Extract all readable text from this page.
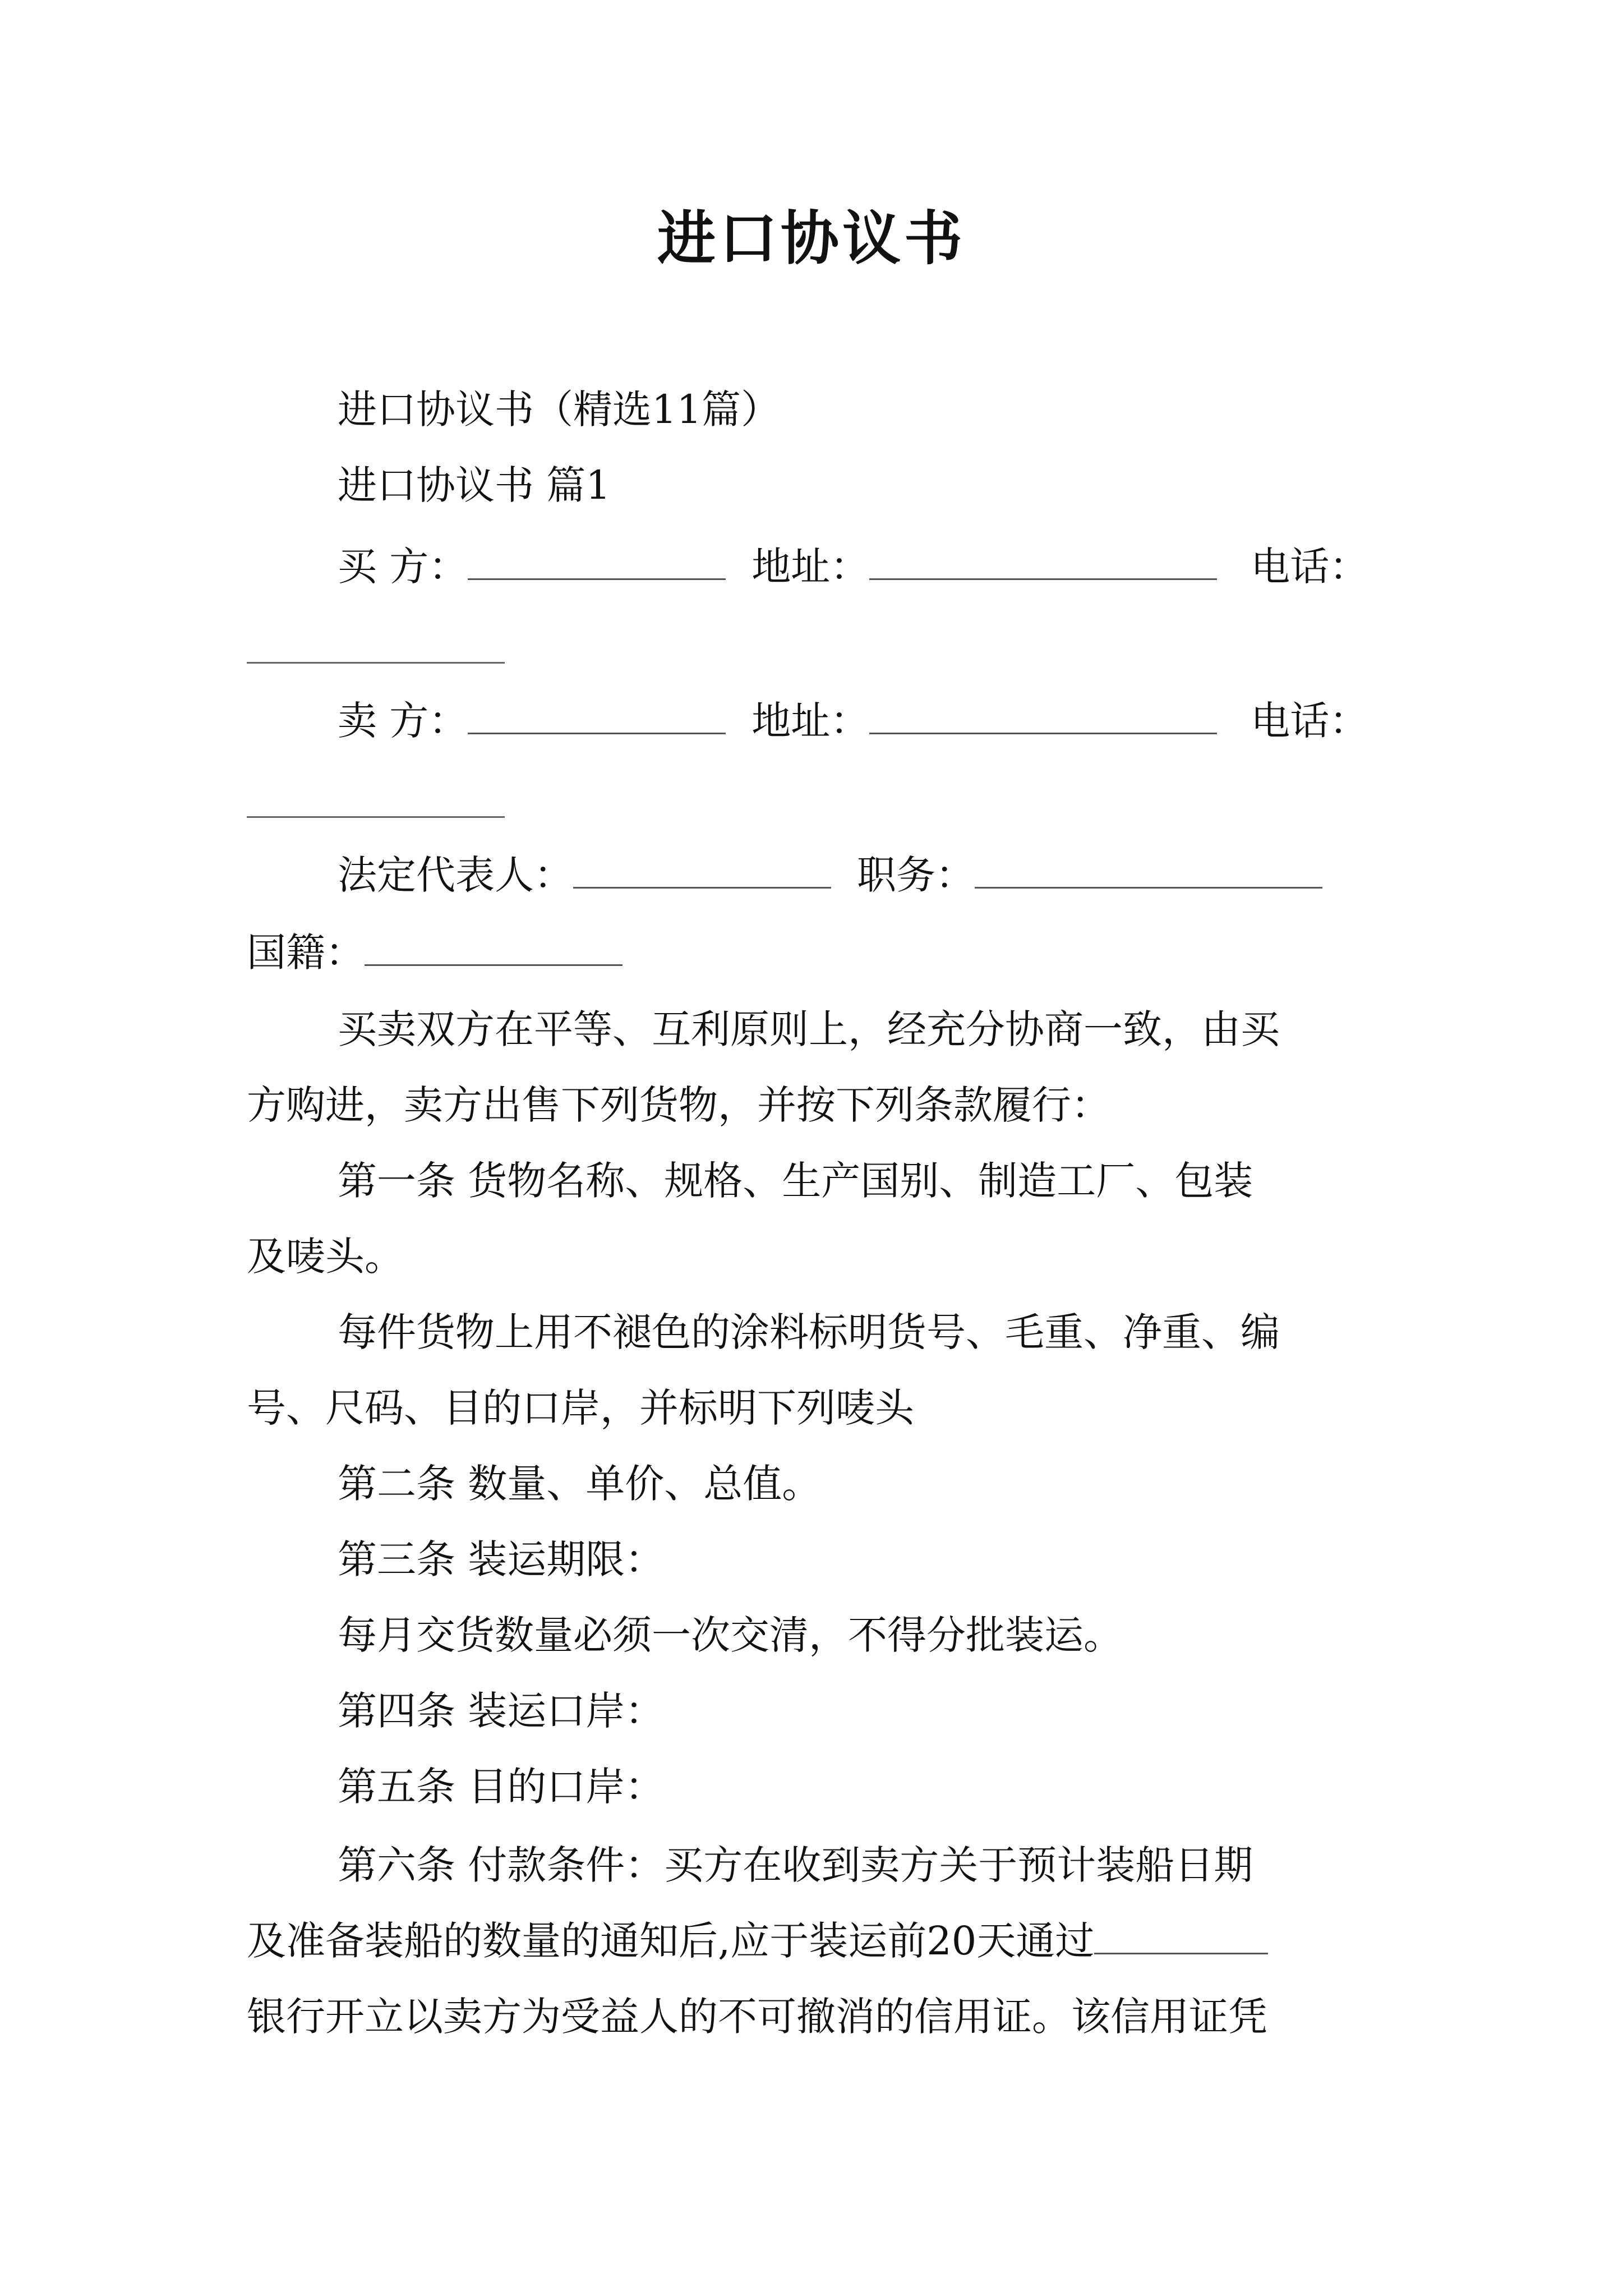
进口协议书
进口协议书（精选11篇）
进口协议书 篇1
买 方：	地址：	电话：
卖 方：	地址：	电话：
法定代表人：	职务：
国籍：
买卖双方在平等、互利原则上，经充分协商一致，由买
方购进，卖方出售下列货物，并按下列条款履行：
第一条 货物名称、规格、生产国别、制造工厂、包装
及唛头。
每件货物上用不褪色的涂料标明货号、毛重、净重、编
号、尺码、目的口岸，并标明下列唛头
第二条 数量、单价、总值。
第三条 装运期限：
每月交货数量必须一次交清，不得分批装运。
第四条 装运口岸：
第五条 目的口岸：
第六条 付款条件：买方在收到卖方关于预计装船日期
及准备装船的数量的通知后,应于装运前20天通过
银行开立以卖方为受益人的不可撤消的信用证。该信用证凭
